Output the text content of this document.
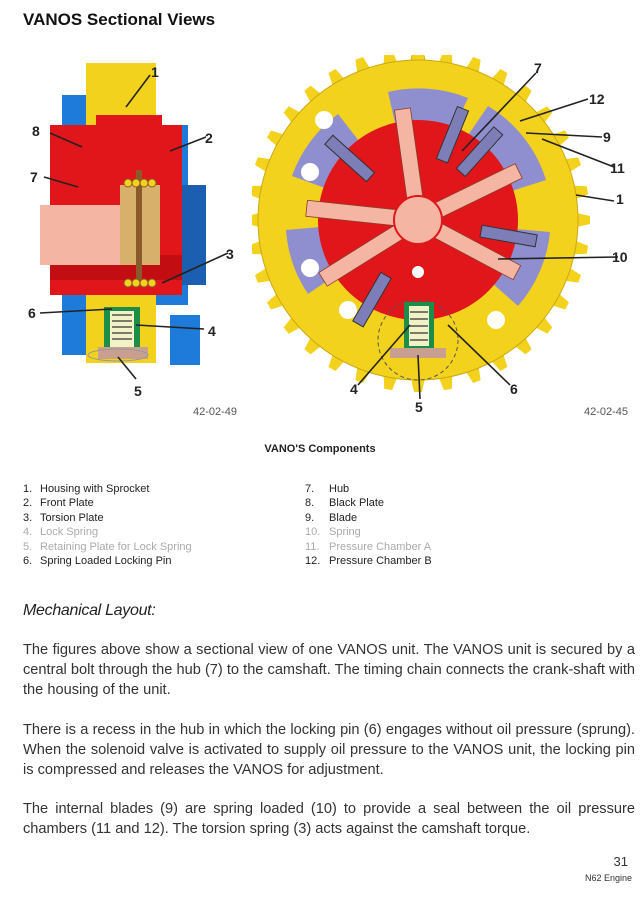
VANOS Sectional Views
1
2
3
4
5
6
7
8
7
12
9
11
1
10
4
5
6
42-02-49	42-02-45
VANO'S Components
1. Housing with Sprocket
2. Front Plate
3. Torsion Plate
4. Lock Spring
5. Retaining Plate for Lock Spring
6. Spring Loaded Locking Pin
7. Hub
8. Black Plate
9. Blade
10. Spring
11. Pressure Chamber A
12. Pressure Chamber B
Mechanical Layout:

The figures above show a sectional view of one VANOS unit. The VANOS unit is secured by a central bolt through the hub (7) to the camshaft. The timing chain connects the crank-shaft with the housing of the unit.

There is a recess in the hub in which the locking pin (6) engages without oil pressure (sprung). When the solenoid valve is activated to supply oil pressure to the VANOS unit, the locking pin is compressed and releases the VANOS for adjustment.

The internal blades (9) are spring loaded (10) to provide a seal between the oil pressure chambers (11 and 12). The torsion spring (3) acts against the camshaft torque.

31
N62 Engine
